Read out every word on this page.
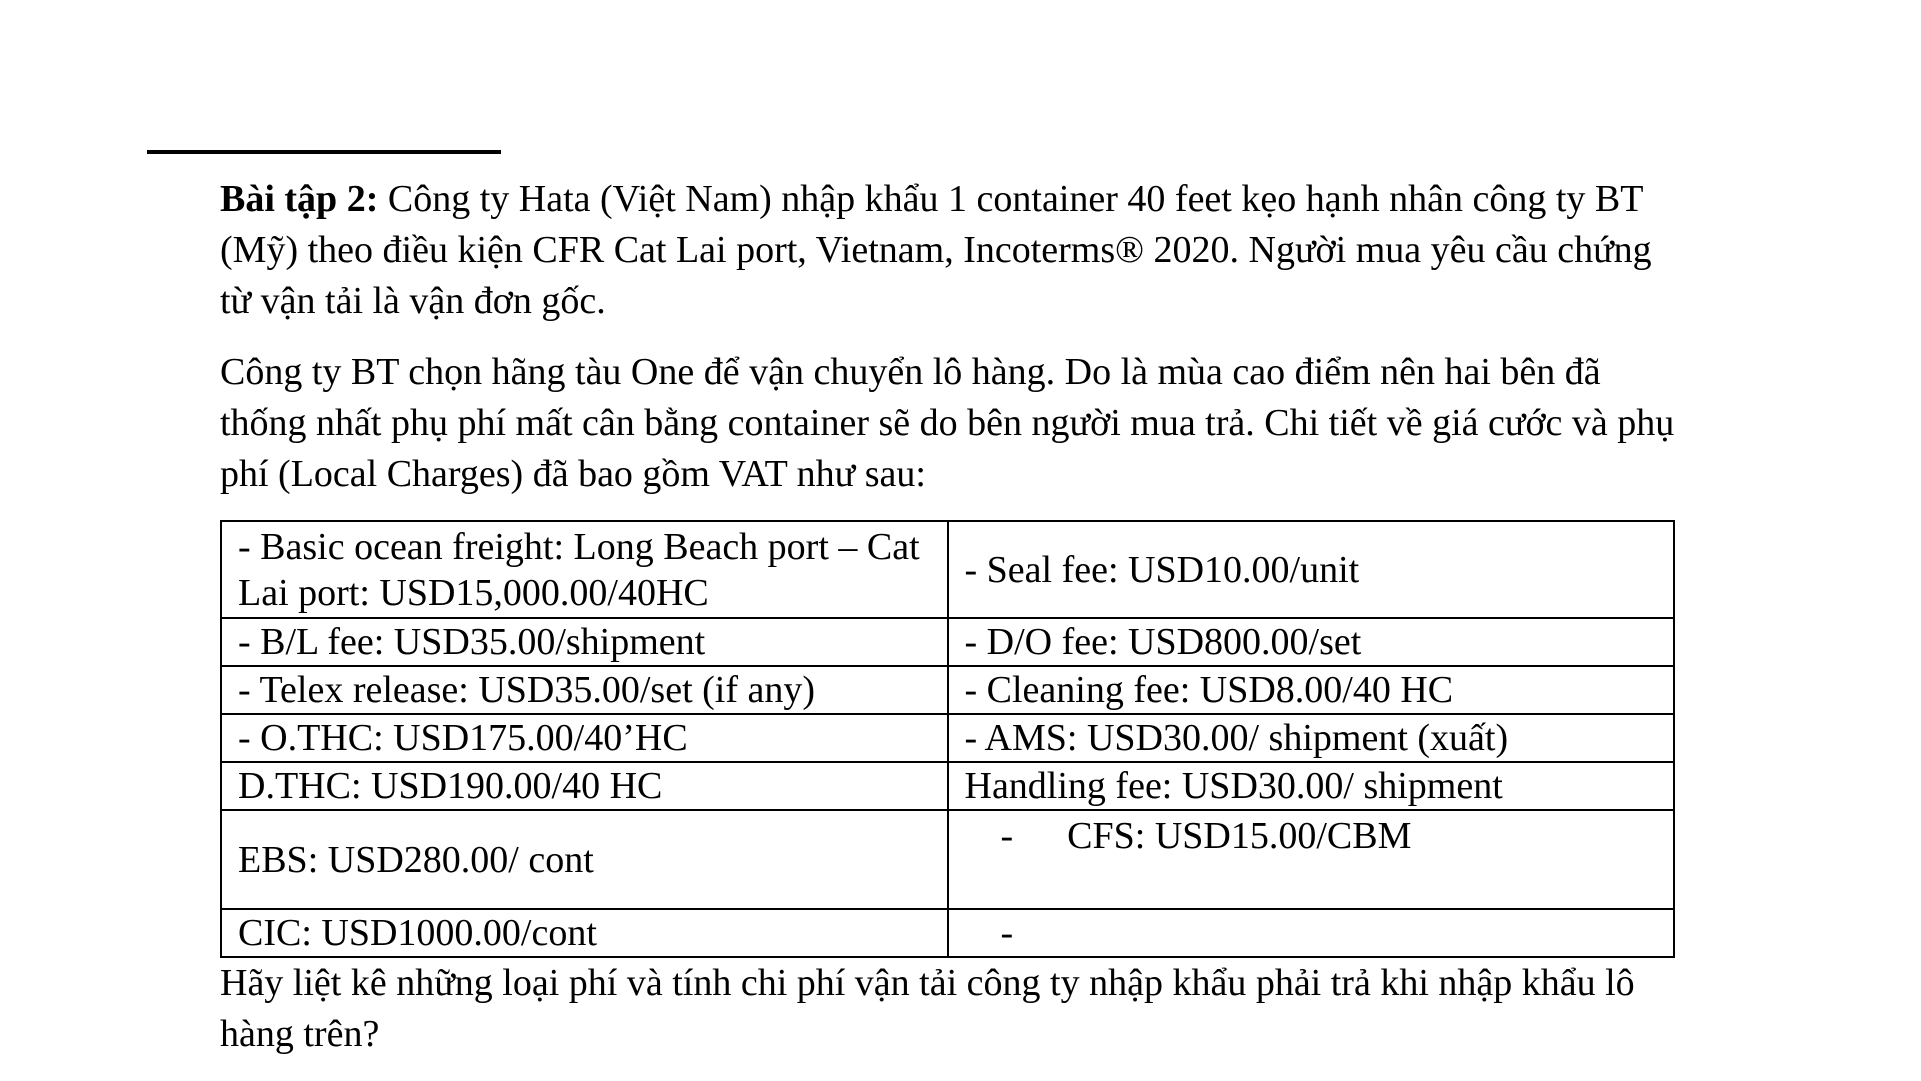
Bài tập 2: Công ty Hata (Việt Nam) nhập khẩu 1 container 40 feet kẹo hạnh nhân công ty BT (Mỹ) theo điều kiện CFR Cat Lai port, Vietnam, Incoterms® 2020. Người mua yêu cầu chứng từ vận tải là vận đơn gốc.

Công ty BT chọn hãng tàu One để vận chuyển lô hàng. Do là mùa cao điểm nên hai bên đã thống nhất phụ phí mất cân bằng container sẽ do bên người mua trả. Chi tiết về giá cước và phụ phí (Local Charges) đã bao gồm VAT như sau:

- Basic ocean freight: Long Beach port – Cat Lai port: USD15,000.00/40HC	- Seal fee: USD10.00/unit
- B/L fee: USD35.00/shipment	- D/O fee: USD800.00/set
- Telex release: USD35.00/set (if any)	- Cleaning fee: USD8.00/40 HC
- O.THC: USD175.00/40’HC	- AMS: USD30.00/ shipment (xuất)
D.THC: USD190.00/40 HC	Handling fee: USD30.00/ shipment
EBS: USD280.00/ cont	- CFS: USD15.00/CBM
CIC: USD1000.00/cont	-

Hãy liệt kê những loại phí và tính chi phí vận tải công ty nhập khẩu phải trả khi nhập khẩu lô hàng trên?
